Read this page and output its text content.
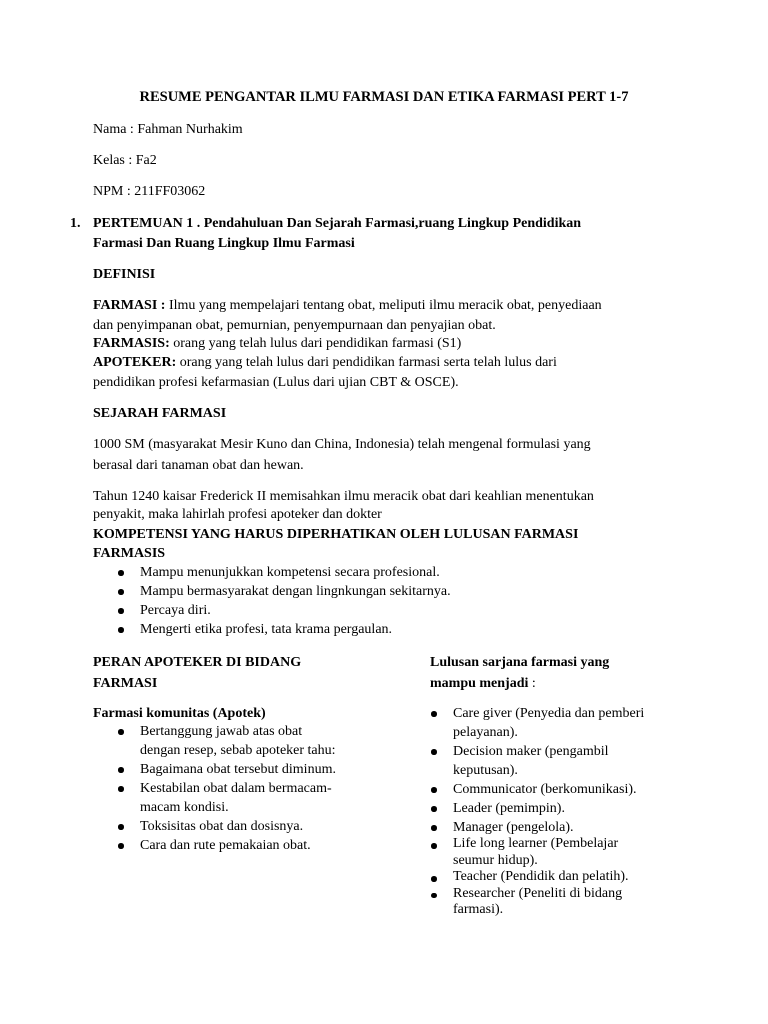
RESUME PENGANTAR ILMU FARMASI DAN ETIKA FARMASI PERT 1-7

Nama : Fahman Nurhakim

Kelas : Fa2

NPM : 211FF03062

1. PERTEMUAN 1 . Pendahuluan Dan Sejarah Farmasi,ruang Lingkup Pendidikan

Farmasi Dan Ruang Lingkup Ilmu Farmasi

DEFINISI

FARMASI : Ilmu yang mempelajari tentang obat, meliputi ilmu meracik obat, penyediaan

dan penyimpanan obat, pemurnian, penyempurnaan dan penyajian obat.

FARMASIS: orang yang telah lulus dari pendidikan farmasi (S1)

APOTEKER: orang yang telah lulus dari pendidikan farmasi serta telah lulus dari

pendidikan profesi kefarmasian (Lulus dari ujian CBT & OSCE).

SEJARAH FARMASI

1000 SM (masyarakat Mesir Kuno dan China, Indonesia) telah mengenal formulasi yang

berasal dari tanaman obat dan hewan.

Tahun 1240 kaisar Frederick II memisahkan ilmu meracik obat dari keahlian menentukan

penyakit, maka lahirlah profesi apoteker dan dokter

KOMPETENSI YANG HARUS DIPERHATIKAN OLEH LULUSAN FARMASI

FARMASIS

Mampu menunjukkan kompetensi secara profesional.
Mampu bermasyarakat dengan lingnkungan sekitarnya.
Percaya diri.
Mengerti etika profesi, tata krama pergaulan.

PERAN APOTEKER DI BIDANG

FARMASI

Farmasi komunitas (Apotek)

Bertanggung jawab atas obat
dengan resep, sebab apoteker tahu:
Bagaimana obat tersebut diminum.
Kestabilan obat dalam bermacam-
macam kondisi.
Toksisitas obat dan dosisnya.
Cara dan rute pemakaian obat.

Lulusan sarjana farmasi yang

mampu menjadi :

Care giver (Penyedia dan pemberi
pelayanan).
Decision maker (pengambil
keputusan).
Communicator (berkomunikasi).
Leader (pemimpin).
Manager (pengelola).
Life long learner (Pembelajar
seumur hidup).
Teacher (Pendidik dan pelatih).
Researcher (Peneliti di bidang
farmasi).
